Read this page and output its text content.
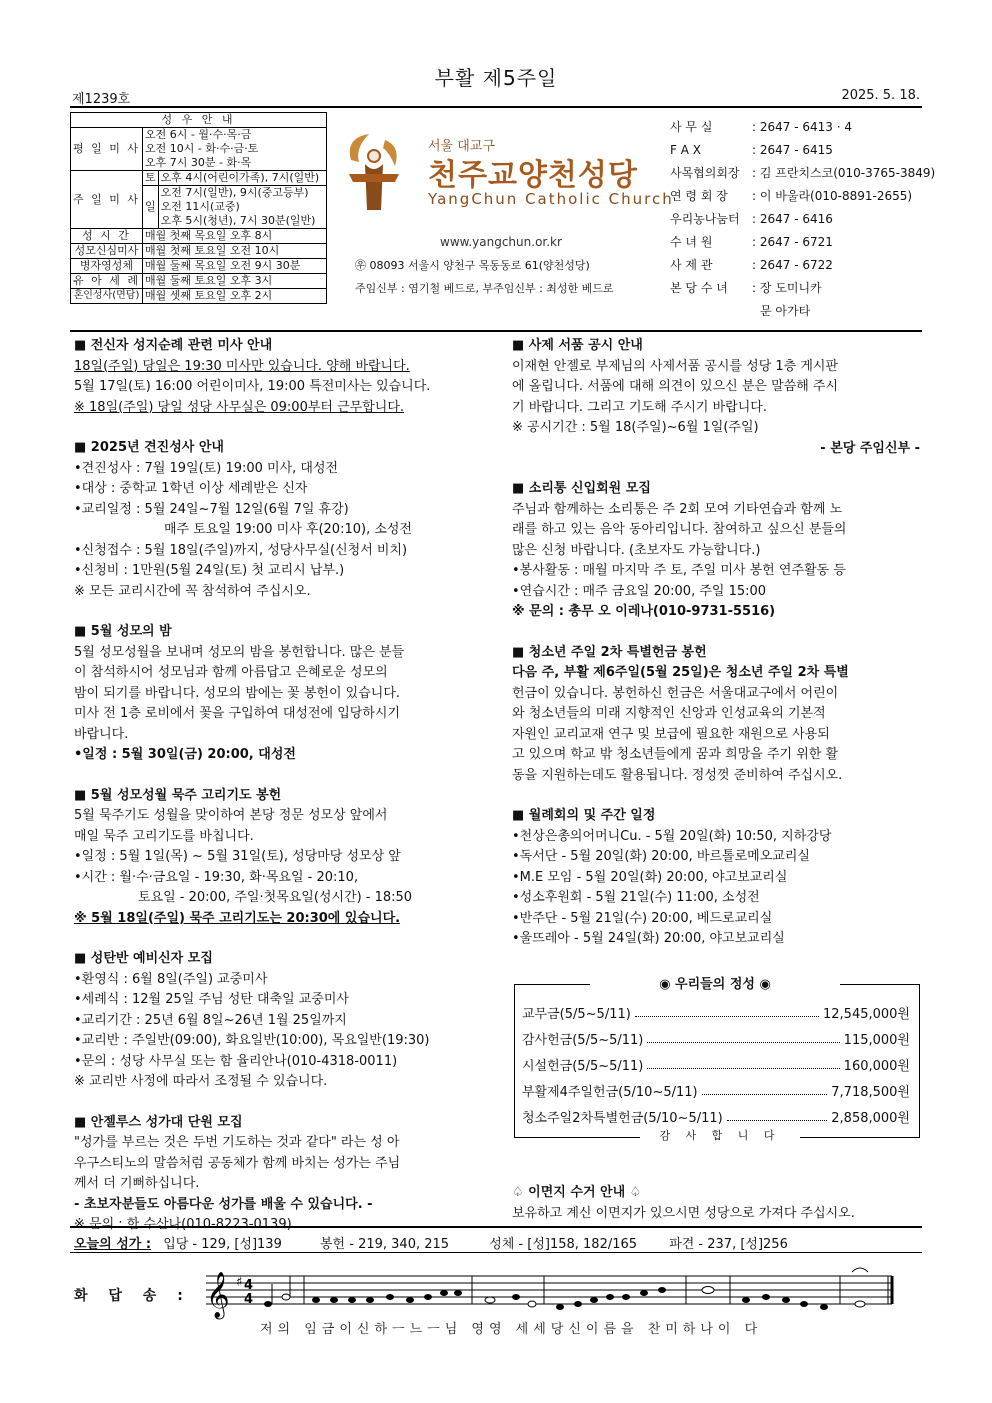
부활 제5주일
제1239호	2025. 5. 18.
성 우 안 내		
평 일 미 사	오전 6시 - 월·수·목·금
오전 10시 - 화·수·금·토
오후 7시 30분 - 화·목	

주 일 미 사	토	오후 4시(어린이가족), 7시(일반)
	일	오전 7시(일반), 9시(중고등부)
오전 11시(교중)
오후 5시(청년), 7시 30분(일반)

성 시 간	매월 첫째 목요일 오후 8시	
성모신심미사	매월 첫째 토요일 오전 10시	
병자영성체	매월 둘째 목요일 오전 9시 30분	
유 아 세 례	매월 둘째 토요일 오후 3시	
혼인성사(면담)	매월 셋째 토요일 오후 2시	
서울 대교구
천주교양천성당
YangChun Catholic Church
www.yangchun.or.kr
㉾ 08093 서울시 양천구 목동동로 61(양천성당)
주임신부 : 염기철 베드로, 부주임신부 : 최성한 베드로
사 무 실	: 2647 - 6413 · 4
F A X	: 2647 - 6415
사목협의회장 : 김 프란치스코(010-3765-3849)
연 령 회 장 : 이 바울라(010-8891-2655)
우리농나눔터 : 2647 - 6416
수 녀 원	: 2647 - 6721
사 제 관	: 2647 - 6722
본 당 수 녀 : 장 도미니카
문 아가타
■ 전신자 성지순례 관련 미사 안내

18일(주일) 당일은 19:30 미사만 있습니다. 양해 바랍니다.

5월 17일(토) 16:00 어린이미사, 19:00 특전미사는 있습니다.

※ 18일(주일) 당일 성당 사무실은 09:00부터 근무합니다.

■ 2025년 견진성사 안내

•견진성사 : 7월 19일(토) 19:00 미사, 대성전

•대상 : 중학교 1학년 이상 세례받은 신자

•교리일정 : 5월 24일~7월 12일(6월 7일 휴강)

매주 토요일 19:00 미사 후(20:10), 소성전

•신청접수 : 5월 18일(주일)까지, 성당사무실(신청서 비치)

•신청비 : 1만원(5월 24일(토) 첫 교리시 납부.)

※ 모든 교리시간에 꼭 참석하여 주십시오.

■ 5월 성모의 밤

5월 성모성월을 보내며 성모의 밤을 봉헌합니다. 많은 분들

이 참석하시어 성모님과 함께 아름답고 은혜로운 성모의

밤이 되기를 바랍니다. 성모의 밤에는 꽃 봉헌이 있습니다.

미사 전 1층 로비에서 꽃을 구입하여 대성전에 입당하시기

바랍니다.

•일정 : 5월 30일(금) 20:00, 대성전

■ 5월 성모성월 묵주 고리기도 봉헌

5월 묵주기도 성월을 맞이하여 본당 정문 성모상 앞에서

매일 묵주 고리기도를 바칩니다.

•일정 : 5월 1일(목) ~ 5월 31일(토), 성당마당 성모상 앞

•시간 : 월·수·금요일 - 19:30, 화·목요일 - 20:10,

토요일 - 20:00, 주일·첫목요일(성시간) - 18:50

※ 5월 18일(주일) 묵주 고리기도는 20:30에 있습니다.

■ 성탄반 예비신자 모집

•환영식 : 6월 8일(주일) 교중미사

•세례식 : 12월 25일 주님 성탄 대축일 교중미사

•교리기간 : 25년 6월 8일~26년 1월 25일까지

•교리반 : 주일반(09:00), 화요일반(10:00), 목요일반(19:30)

•문의 : 성당 사무실 또는 함 율리안나(010-4318-0011)

※ 교리반 사정에 따라서 조정될 수 있습니다.

■ 안젤루스 성가대 단원 모집

"성가를 부르는 것은 두번 기도하는 것과 같다" 라는 성 아

우구스티노의 말씀처럼 공동체가 함께 바치는 성가는 주님

께서 더 기뻐하십니다.

- 초보자분들도 아름다운 성가를 배울 수 있습니다. -

※ 문의 : 한 수산나(010-8223-0139)

■ 사제 서품 공시 안내

이재현 안젤로 부제님의 사제서품 공시를 성당 1층 게시판

에 올립니다. 서품에 대해 의견이 있으신 분은 말씀해 주시

기 바랍니다. 그리고 기도해 주시기 바랍니다.

※ 공시기간 : 5월 18(주일)~6월 1일(주일)

- 본당 주임신부 -

■ 소리통 신입회원 모집

주님과 함께하는 소리통은 주 2회 모여 기타연습과 함께 노

래를 하고 있는 음악 동아리입니다. 참여하고 싶으신 분들의

많은 신청 바랍니다. (초보자도 가능합니다.)

•봉사활동 : 매월 마지막 주 토, 주일 미사 봉헌 연주활동 등

•연습시간 : 매주 금요일 20:00, 주일 15:00

※ 문의 : 총무 오 이레나(010-9731-5516)

■ 청소년 주일 2차 특별헌금 봉헌

다음 주, 부활 제6주일(5월 25일)은 청소년 주일 2차 특별

헌금이 있습니다. 봉헌하신 헌금은 서울대교구에서 어린이

와 청소년들의 미래 지향적인 신앙과 인성교육의 기본적

자원인 교리교재 연구 및 보급에 필요한 재원으로 사용되

고 있으며 학교 밖 청소년들에게 꿈과 희망을 주기 위한 활

동을 지원하는데도 활용됩니다. 정성껏 준비하여 주십시오.

■ 월례회의 및 주간 일정

•천상은총의어머니Cu. - 5월 20일(화) 10:50, 지하강당

•독서단 - 5월 20일(화) 20:00, 바르톨로메오교리실

•M.E 모임 - 5월 20일(화) 20:00, 야고보교리실

•성소후원회 - 5월 21일(수) 11:00, 소성전

•반주단 - 5월 21일(수) 20:00, 베드로교리실

•울뜨레아 - 5월 24일(화) 20:00, 야고보교리실

◉ 우리들의 정성 ◉
교무금(5/5~5/11)	12,545,000원
감사헌금(5/5~5/11)	115,000원
시설헌금(5/5~5/11)	160,000원
부활제4주일헌금(5/10~5/11)	7,718,500원
청소주일2차특별헌금(5/10~5/11)	2,858,000원
감 사 합 니 다
♤ 이면지 수거 안내 ♤

보유하고 계신 이면지가 있으시면 성당으로 가져다 주십시오.

오늘의 성가 : 입당 - 129, [성]139	봉헌 - 219, 340, 215	성체 - [성]158, 182/165 파견 - 237, [성]256
화 답 송 : 𝄞 ♯ 4
4
저의 임금이신하ㅡ느ㅡ님 영영 세세당신이름을 찬미하나이 다
